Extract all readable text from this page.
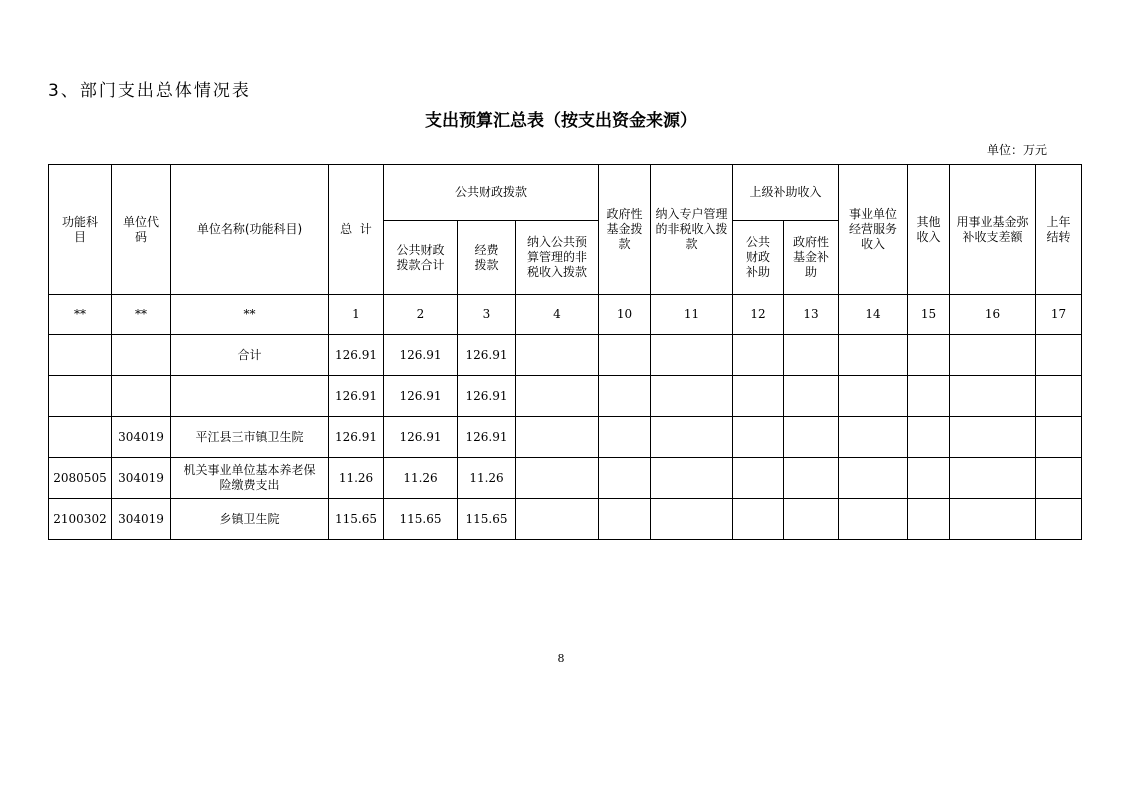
3、部门支出总体情况表
支出预算汇总表（按支出资金来源）
单位：万元
功能科目	单位代码	单位名称(功能科目)	总  计	公共财政拨款			政府性基金拨款	纳入专户管理的非税收入拨款	上级补助收入		事业单位经营服务收入	其他收入	用事业基金弥补收支差额	上年结转

				公共财政拨款合计	经费拨款	纳入公共预算管理的非税收入拨款			公共财政补助	政府性基金补助				

**	**	**	1	2	3	4	10	11	12	13	14	15	16	17
		合计	126.91	126.91	126.91									
			126.91	126.91	126.91									
	304019	平江县三市镇卫生院	126.91	126.91	126.91									
2080505	304019	机关事业单位基本养老保险缴费支出	11.26	11.26	11.26									
2100302	304019	乡镇卫生院	115.65	115.65	115.65									
8
